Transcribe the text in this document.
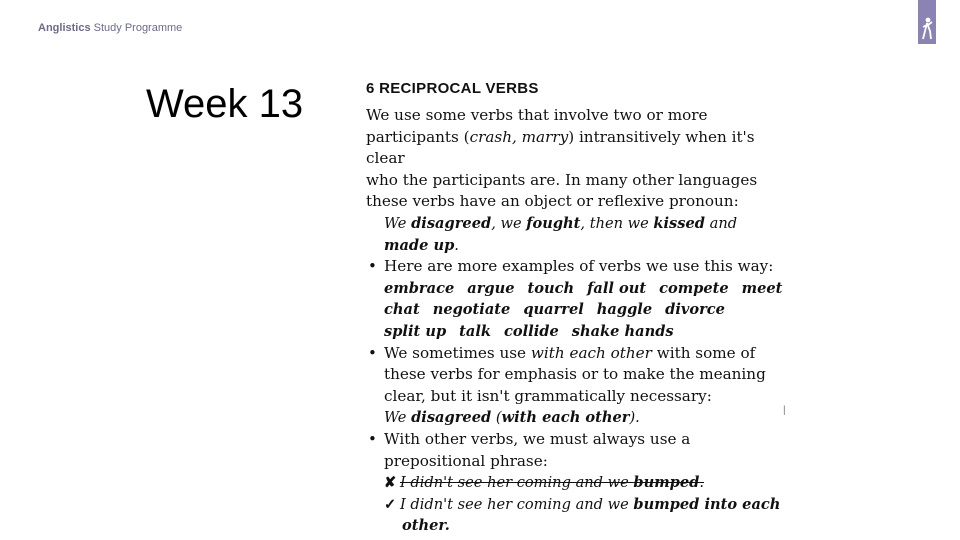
Anglistics Study Programme
Week 13	6 RECIPROCAL VERBS
We use some verbs that involve two or more
participants (crash, marry) intransitively when it's clear
who the participants are. In many other languages
these verbs have an object or reflexive pronoun:
We disagreed, we fought, then we kissed and made up.
• Here are more examples of verbs we use this way:
embrace argue touch fall out compete meet
chat negotiate quarrel haggle divorce
split up talk collide shake hands
• We sometimes use with each other with some of
these verbs for emphasis or to make the meaning
clear, but it isn't grammatically necessary:
We disagreed (with each other).
• With other verbs, we must always use a
prepositional phrase:
✘ I didn't see her coming and we bumped.
✓ I didn't see her coming and we bumped into each
other.
|
